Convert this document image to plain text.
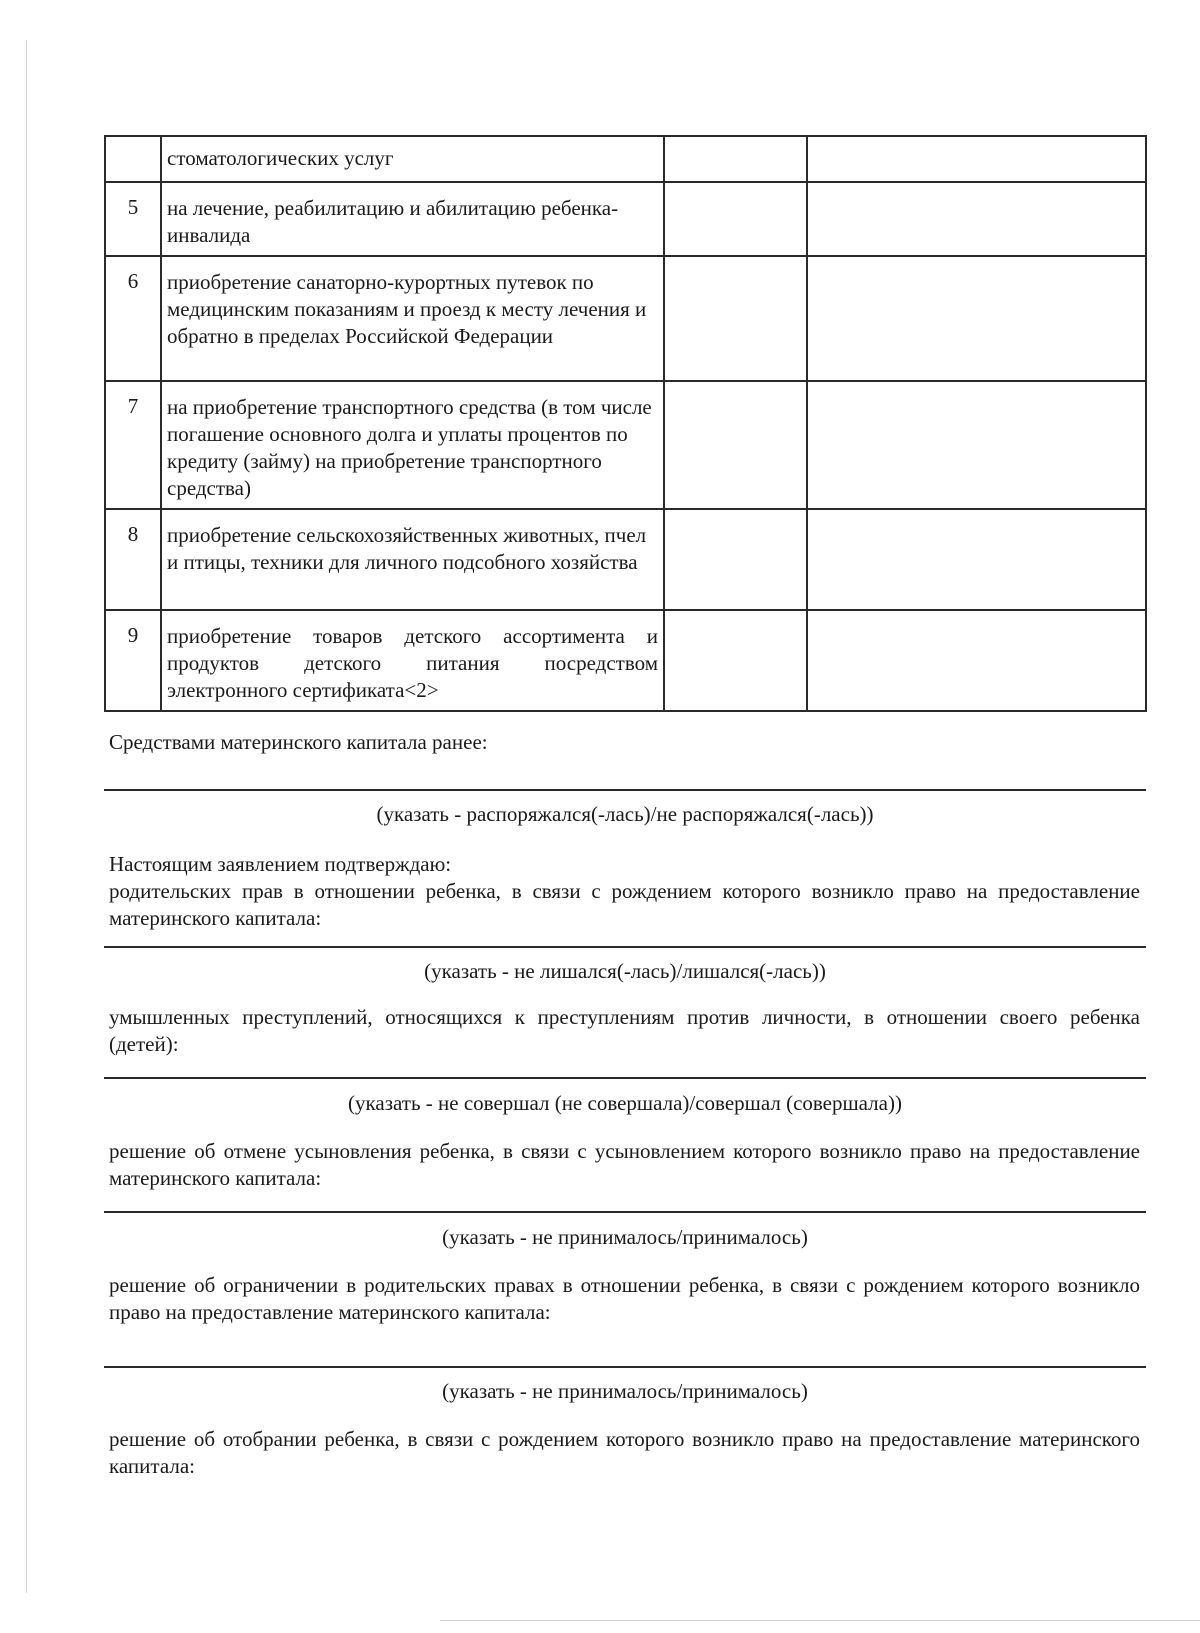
	стоматологических услуг		
5	на лечение, реабилитацию и абилитацию ребенка-инвалида		
6	приобретение санаторно-курортных путевок по медицинским показаниям и проезд к месту лечения и обратно в пределах Российской Федерации		
7	на приобретение транспортного средства (в том числе погашение основного долга и уплаты процентов по кредиту (займу) на приобретение транспортного средства)		
8	приобретение сельскохозяйственных животных, пчел и птицы, техники для личного подсобного хозяйства		
9	приобретение товаров детского ассортимента и продуктов детского питания посредством электронного сертификата<2>		
Средствами материнского капитала ранее:
(указать - распоряжался(-лась)/не распоряжался(-лась))
Настоящим заявлением подтверждаю:
родительских прав в отношении ребенка, в связи с рождением которого возникло право на предоставление материнского капитала:
(указать - не лишался(-лась)/лишался(-лась))
умышленных преступлений, относящихся к преступлениям против личности, в отношении своего ребенка (детей):
(указать - не совершал (не совершала)/совершал (совершала))
решение об отмене усыновления ребенка, в связи с усыновлением которого возникло право на предоставление материнского капитала:
(указать - не принималось/принималось)
решение об ограничении в родительских правах в отношении ребенка, в связи с рождением которого возникло право на предоставление материнского капитала:
(указать - не принималось/принималось)
решение об отобрании ребенка, в связи с рождением которого возникло право на предоставление материнского капитала:
